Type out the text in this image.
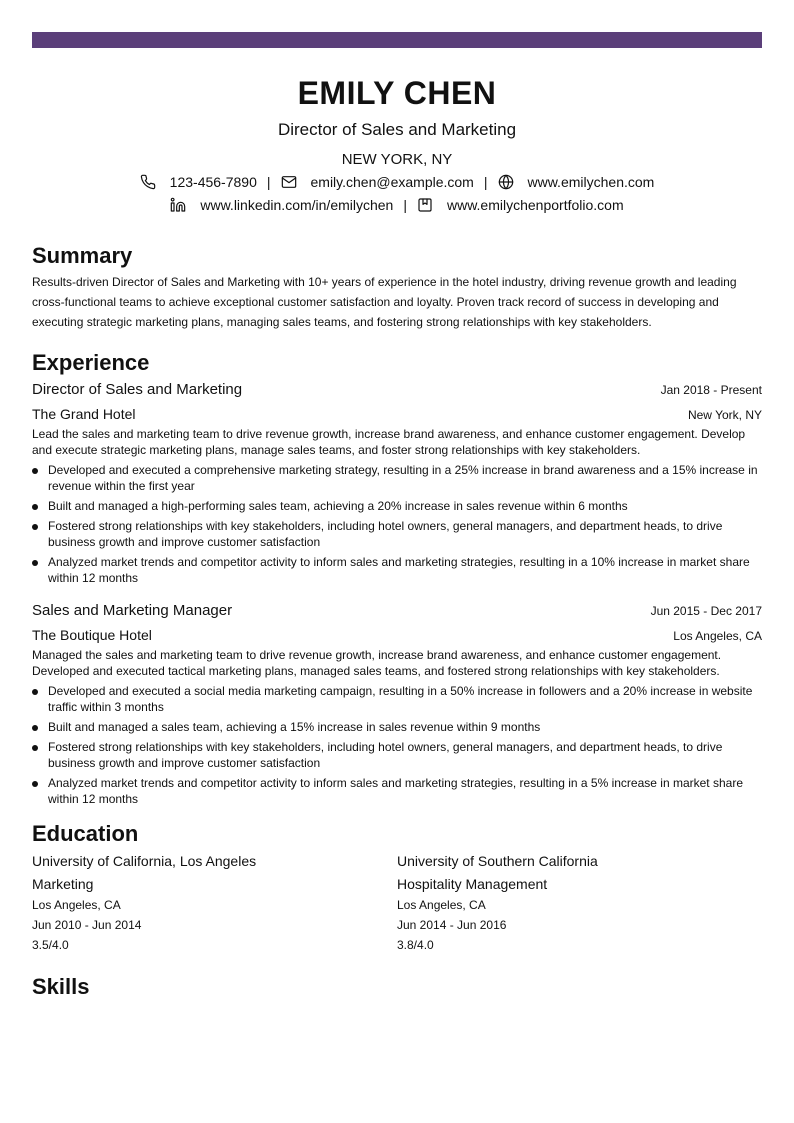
EMILY CHEN
Director of Sales and Marketing
NEW YORK, NY
123-456-7890 |	emily.chen@example.com |	www.emilychen.com
www.linkedin.com/in/emilychen |	www.emilychenportfolio.com
Summary
Results-driven Director of Sales and Marketing with 10+ years of experience in the hotel industry, driving revenue growth and leading cross-functional teams to achieve exceptional customer satisfaction and loyalty. Proven track record of success in developing and executing strategic marketing plans, managing sales teams, and fostering strong relationships with key stakeholders.
Experience
Director of Sales and Marketing	Jan 2018 - Present
The Grand Hotel	New York, NY
Lead the sales and marketing team to drive revenue growth, increase brand awareness, and enhance customer engagement. Develop and execute strategic marketing plans, manage sales teams, and foster strong relationships with key stakeholders.
Developed and executed a comprehensive marketing strategy, resulting in a 25% increase in brand awareness and a 15% increase in revenue within the first year
Built and managed a high-performing sales team, achieving a 20% increase in sales revenue within 6 months
Fostered strong relationships with key stakeholders, including hotel owners, general managers, and department heads, to drive business growth and improve customer satisfaction
Analyzed market trends and competitor activity to inform sales and marketing strategies, resulting in a 10% increase in market share within 12 months
Sales and Marketing Manager	Jun 2015 - Dec 2017
The Boutique Hotel	Los Angeles, CA
Managed the sales and marketing team to drive revenue growth, increase brand awareness, and enhance customer engagement. Developed and executed tactical marketing plans, managed sales teams, and fostered strong relationships with key stakeholders.
Developed and executed a social media marketing campaign, resulting in a 50% increase in followers and a 20% increase in website traffic within 3 months
Built and managed a sales team, achieving a 15% increase in sales revenue within 9 months
Fostered strong relationships with key stakeholders, including hotel owners, general managers, and department heads, to drive business growth and improve customer satisfaction
Analyzed market trends and competitor activity to inform sales and marketing strategies, resulting in a 5% increase in market share within 12 months
Education
University of California, Los Angeles
Marketing
Los Angeles, CA
Jun 2010 - Jun 2014
3.5/4.0
University of Southern California
Hospitality Management
Los Angeles, CA
Jun 2014 - Jun 2016
3.8/4.0
Skills
